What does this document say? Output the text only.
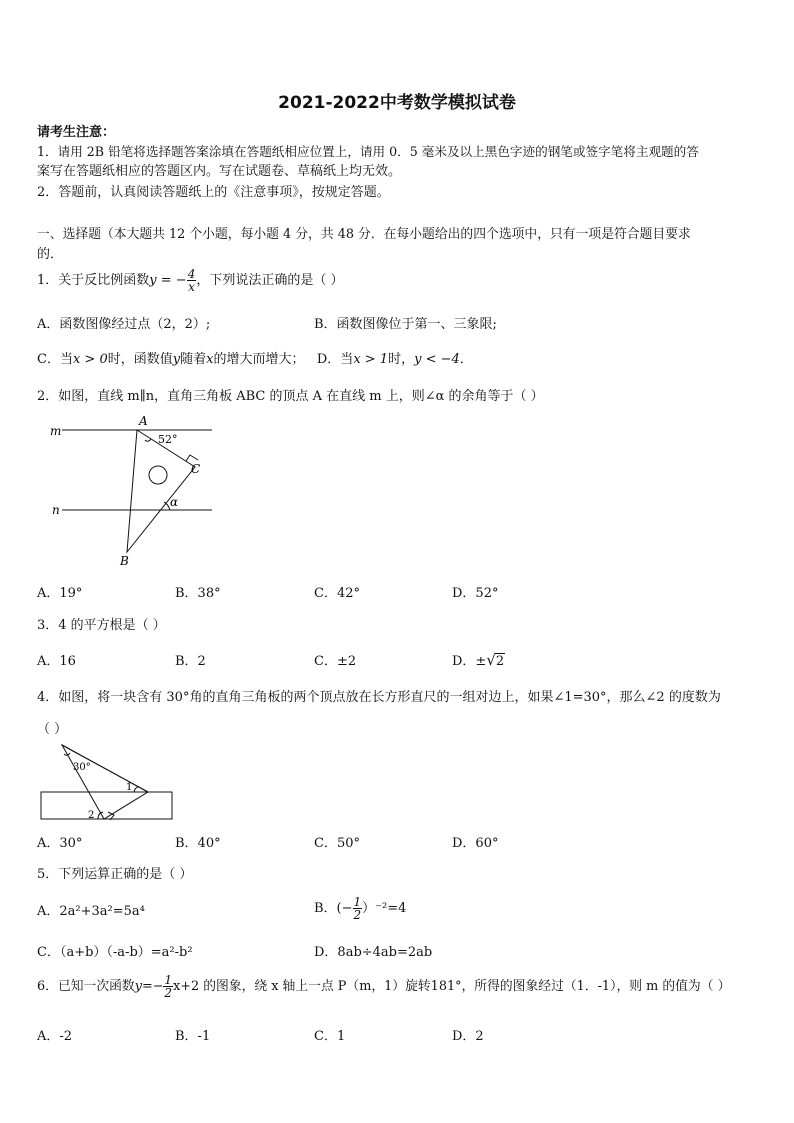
2021-2022中考数学模拟试卷
请考生注意：
1．请用 2B 铅笔将选择题答案涂填在答题纸相应位置上，请用 0．5 毫米及以上黑色字迹的钢笔或签字笔将主观题的答
案写在答题纸相应的答题区内。写在试题卷、草稿纸上均无效。
2．答题前，认真阅读答题纸上的《注意事项》，按规定答题。
一、选择题（本大题共 12 个小题，每小题 4 分，共 48 分．在每小题给出的四个选项中，只有一项是符合题目要求
的．
1．关于反比例函数y = − $\frac{4}{x}$ ，下列说法正确的是（ ）
A．函数图像经过点（2，2）;	B．函数图像位于第一、三象限;
C．当x > 0时，函数值y随着x的增大而增大； D．当x > 1时，y < −4．
2．如图，直线 m∥n，直角三角板 ABC 的顶点 A 在直线 m 上，则∠α 的余角等于（ ）
m
n
A
B
C
52°
α
A．19°	B．38°	C．42°	D．52°
3．4 的平方根是（ ）
A．16	B．2	C．±2	D．±√2
4．如图，将一块含有 30°角的直角三角板的两个顶点放在长方形直尺的一组对边上，如果∠1=30°，那么∠2 的度数为
（ ）
30°
1
2
A．30°	B．40°	C．50°	D．60°
5．下列运算正确的是（ ）
A．2a²+3a²=5a⁴	B．(− $\frac{1}{2} )^{-2}=4$
C．（a+b）（-a-b）=a²-b²	D．8ab÷4ab=2ab
6．已知一次函数$y=- \frac{1}{2} x+2$ 的图象，绕 x 轴上一点 P（m，1）旋转181°，所得的图象经过（1．-1），则 m 的值为（ ）
A．-2	B．-1	C．1	D．2
